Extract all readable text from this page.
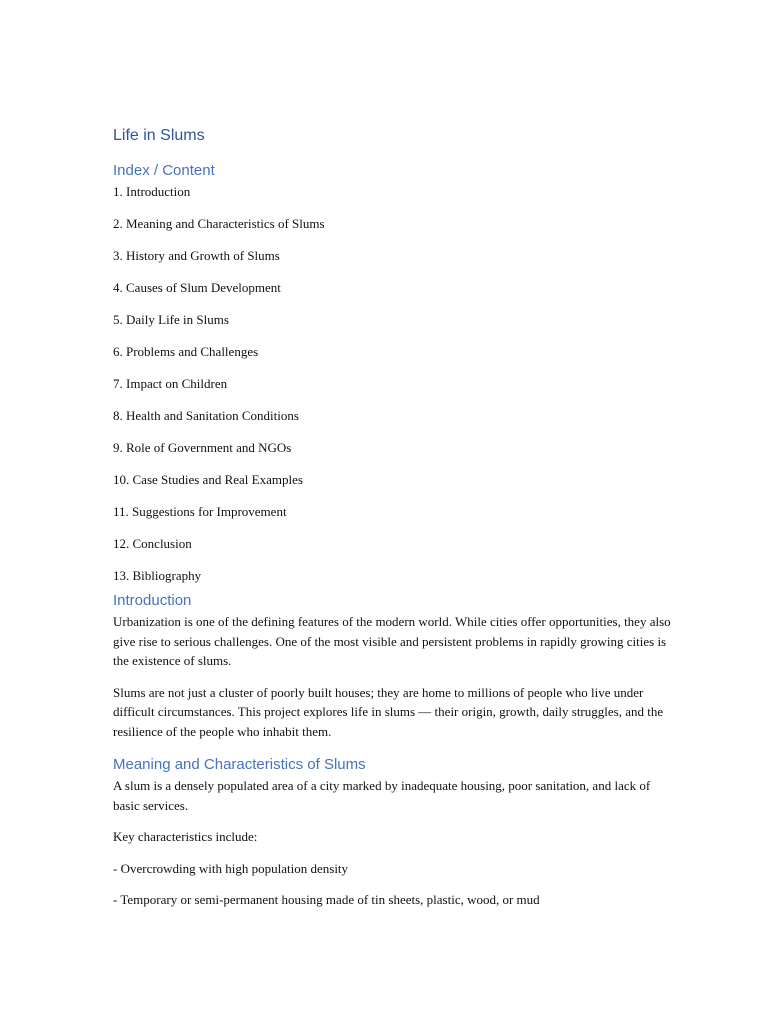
Life in Slums
Index / Content

1. Introduction

2. Meaning and Characteristics of Slums

3. History and Growth of Slums

4. Causes of Slum Development

5. Daily Life in Slums

6. Problems and Challenges

7. Impact on Children

8. Health and Sanitation Conditions

9. Role of Government and NGOs

10. Case Studies and Real Examples

11. Suggestions for Improvement

12. Conclusion

13. Bibliography

Introduction

Urbanization is one of the defining features of the modern world. While cities offer opportunities, they also give rise to serious challenges. One of the most visible and persistent problems in rapidly growing cities is the existence of slums.

Slums are not just a cluster of poorly built houses; they are home to millions of people who live under difficult circumstances. This project explores life in slums — their origin, growth, daily struggles, and the resilience of the people who inhabit them.

Meaning and Characteristics of Slums

A slum is a densely populated area of a city marked by inadequate housing, poor sanitation, and lack of basic services.

Key characteristics include:

- Overcrowding with high population density

- Temporary or semi-permanent housing made of tin sheets, plastic, wood, or mud
